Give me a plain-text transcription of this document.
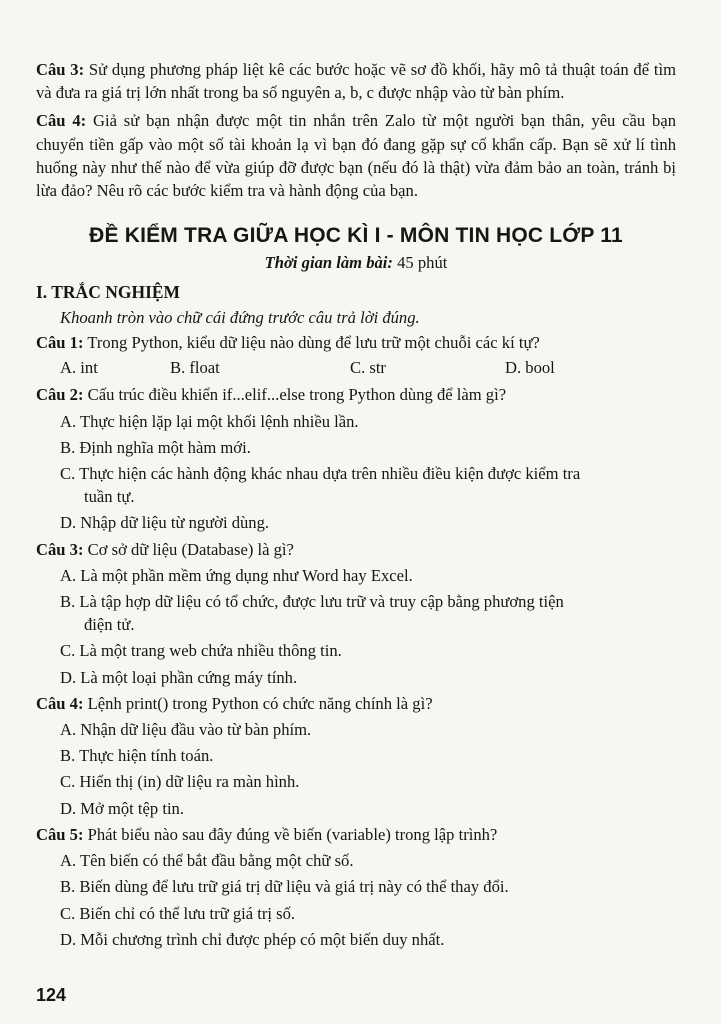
Câu 3: Sử dụng phương pháp liệt kê các bước hoặc vẽ sơ đồ khối, hãy mô tả thuật toán để tìm và đưa ra giá trị lớn nhất trong ba số nguyên a, b, c được nhập vào từ bàn phím.

Câu 4: Giả sử bạn nhận được một tin nhắn trên Zalo từ một người bạn thân, yêu cầu bạn chuyển tiền gấp vào một số tài khoản lạ vì bạn đó đang gặp sự cố khẩn cấp. Bạn sẽ xử lí tình huống này như thế nào để vừa giúp đỡ được bạn (nếu đó là thật) vừa đảm bảo an toàn, tránh bị lừa đảo? Nêu rõ các bước kiểm tra và hành động của bạn.

ĐỀ KIỂM TRA GIỮA HỌC KÌ I - MÔN TIN HỌC LỚP 11
Thời gian làm bài: 45 phút
I. TRẮC NGHIỆM
Khoanh tròn vào chữ cái đứng trước câu trả lời đúng.
Câu 1: Trong Python, kiểu dữ liệu nào dùng để lưu trữ một chuỗi các kí tự?
A. int	B. float	C. str	D. bool
Câu 2: Cấu trúc điều khiển if...elif...else trong Python dùng để làm gì?
A. Thực hiện lặp lại một khối lệnh nhiều lần.
B. Định nghĩa một hàm mới.
C. Thực hiện các hành động khác nhau dựa trên nhiều điều kiện được kiểm tra
tuần tự.
D. Nhập dữ liệu từ người dùng.
Câu 3: Cơ sở dữ liệu (Database) là gì?
A. Là một phần mềm ứng dụng như Word hay Excel.
B. Là tập hợp dữ liệu có tổ chức, được lưu trữ và truy cập bằng phương tiện
điện tử.
C. Là một trang web chứa nhiều thông tin.
D. Là một loại phần cứng máy tính.
Câu 4: Lệnh print() trong Python có chức năng chính là gì?
A. Nhận dữ liệu đầu vào từ bàn phím.
B. Thực hiện tính toán.
C. Hiển thị (in) dữ liệu ra màn hình.
D. Mở một tệp tin.
Câu 5: Phát biểu nào sau đây đúng về biến (variable) trong lập trình?
A. Tên biến có thể bắt đầu bằng một chữ số.
B. Biến dùng để lưu trữ giá trị dữ liệu và giá trị này có thể thay đổi.
C. Biến chỉ có thể lưu trữ giá trị số.
D. Mỗi chương trình chỉ được phép có một biến duy nhất.
124
